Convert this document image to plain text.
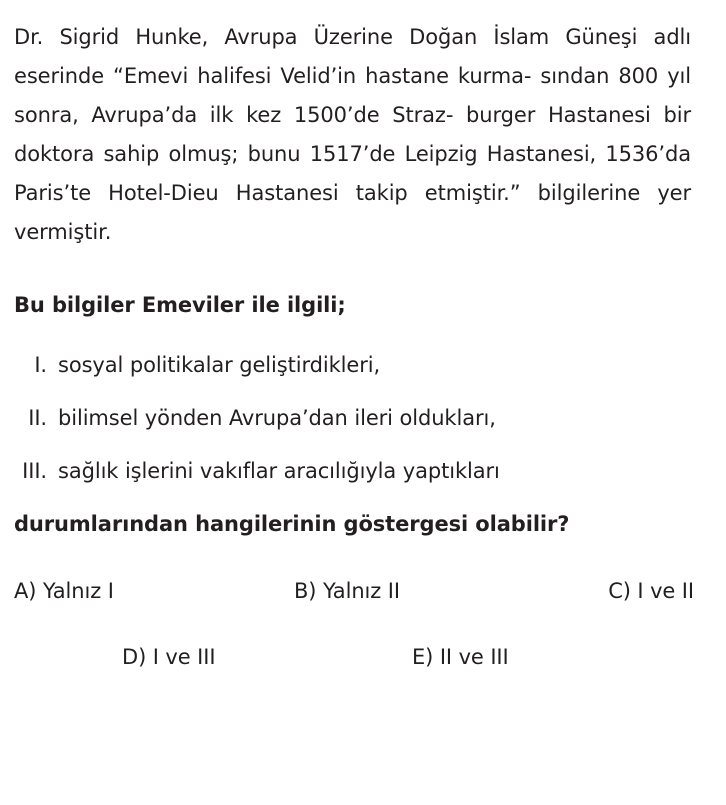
Dr. Sigrid Hunke, Avrupa Üzerine Doğan İslam Güneşi adlı eserinde “Emevi halifesi Velid’in hastane kurma- sından 800 yıl sonra, Avrupa’da ilk kez 1500’de Straz- burger Hastanesi bir doktora sahip olmuş; bunu 1517’de Leipzig Hastanesi, 1536’da Paris’te Hotel-Dieu Hastanesi takip etmiştir.” bilgilerine yer vermiştir.

Bu bilgiler Emeviler ile ilgili;

I. sosyal politikalar geliştirdikleri,
II. bilimsel yönden Avrupa’dan ileri oldukları,
III. sağlık işlerini vakıflar aracılığıyla yaptıkları

durumlarından hangilerinin göstergesi olabilir?

A) Yalnız I	B) Yalnız II	C) I ve II
D) I ve III	E) II ve III
